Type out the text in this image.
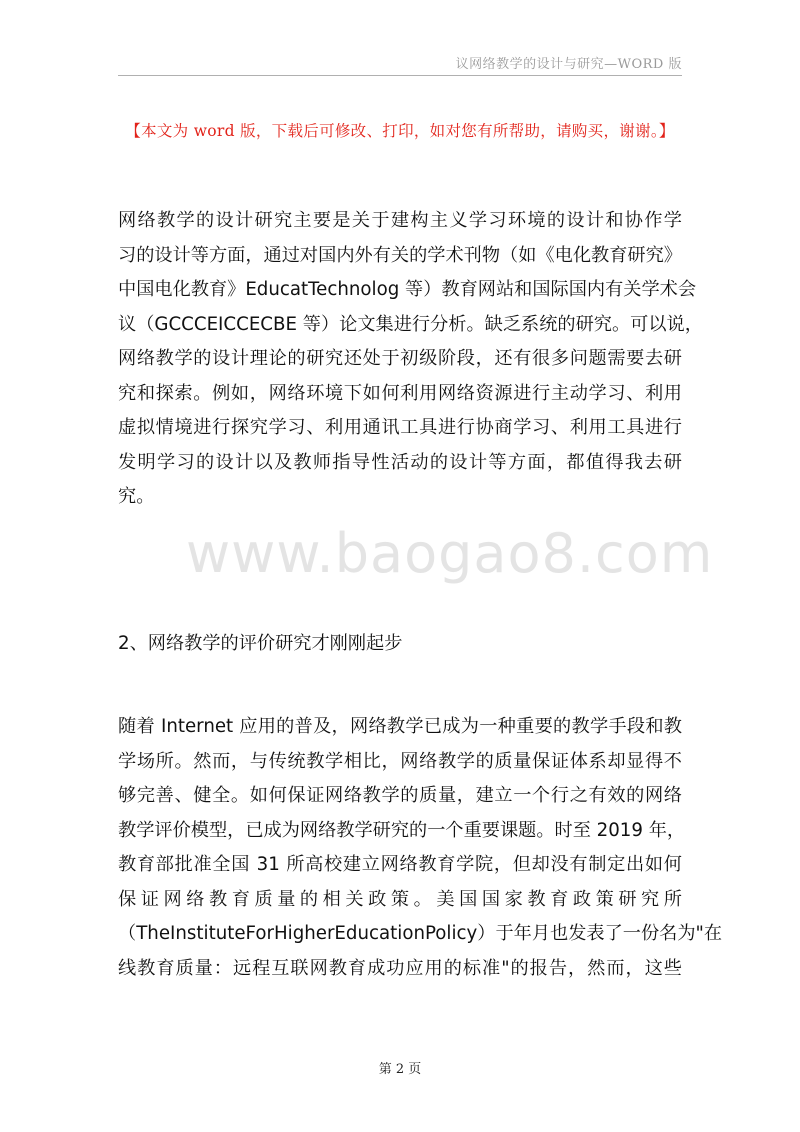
议网络教学的设计与研究—WORD 版
【本文为 word 版，下载后可修改、打印，如对您有所帮助，请购买，谢谢。】
网络教学的设计研究主要是关于建构主义学习环境的设计和协作学
习的设计等方面，通过对国内外有关的学术刊物（如《电化教育研究》
中国电化教育》EducatTechnolog 等）教育网站和国际国内有关学术会
议（GCCCEICCECBE 等）论文集进行分析。缺乏系统的研究。可以说，
网络教学的设计理论的研究还处于初级阶段，还有很多问题需要去研
究和探索。例如，网络环境下如何利用网络资源进行主动学习、利用
虚拟情境进行探究学习、利用通讯工具进行协商学习、利用工具进行
发明学习的设计以及教师指导性活动的设计等方面，都值得我去研
究。
www.baogao8.com
2、网络教学的评价研究才刚刚起步
随着 Internet 应用的普及，网络教学已成为一种重要的教学手段和教
学场所。然而，与传统教学相比，网络教学的质量保证体系却显得不
够完善、健全。如何保证网络教学的质量，建立一个行之有效的网络
教学评价模型，已成为网络教学研究的一个重要课题。时至 2019 年，
教育部批准全国 31 所高校建立网络教育学院，但却没有制定出如何
保证网络教育质量的相关政策。美国国家教育政策研究所
（TheInstituteForHigherEducationPolicy）于年月也发表了一份名为"在
线教育质量：远程互联网教育成功应用的标准"的报告，然而，这些
第 2 页
